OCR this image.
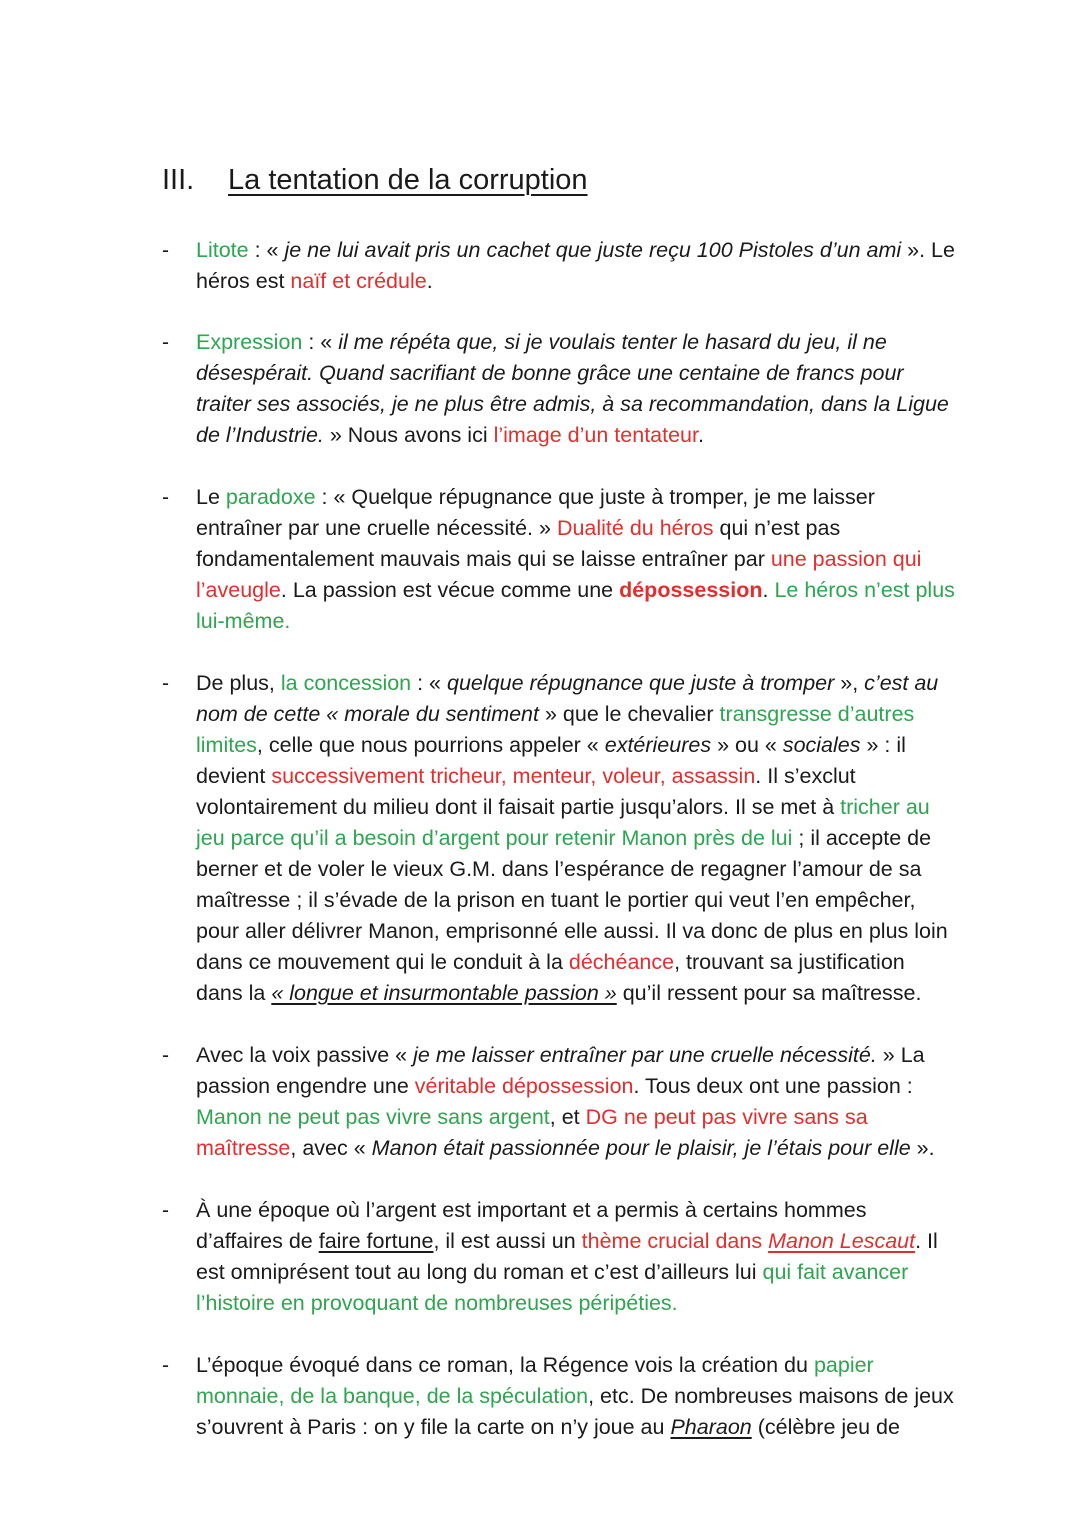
III. La tentation de la corruption
-	Litote : « je ne lui avait pris un cachet que juste reçu 100 Pistoles d’un ami ». Le
héros est naïf et crédule.
-	Expression : « il me répéta que, si je voulais tenter le hasard du jeu, il ne
désespérait. Quand sacrifiant de bonne grâce une centaine de francs pour
traiter ses associés, je ne plus être admis, à sa recommandation, dans la Ligue
de l’Industrie. » Nous avons ici l’image d’un tentateur.
-	Le paradoxe : « Quelque répugnance que juste à tromper, je me laisser
entraîner par une cruelle nécessité. » Dualité du héros qui n’est pas
fondamentalement mauvais mais qui se laisse entraîner par une passion qui
l’aveugle. La passion est vécue comme une dépossession. Le héros n’est plus
lui-même.
-	De plus, la concession : « quelque répugnance que juste à tromper », c’est au
nom de cette « morale du sentiment » que le chevalier transgresse d’autres
limites, celle que nous pourrions appeler « extérieures » ou « sociales » : il
devient successivement tricheur, menteur, voleur, assassin. Il s’exclut
volontairement du milieu dont il faisait partie jusqu’alors. Il se met à tricher au
jeu parce qu’il a besoin d’argent pour retenir Manon près de lui ; il accepte de
berner et de voler le vieux G.M. dans l’espérance de regagner l’amour de sa
maîtresse ; il s’évade de la prison en tuant le portier qui veut l’en empêcher,
pour aller délivrer Manon, emprisonné elle aussi. Il va donc de plus en plus loin
dans ce mouvement qui le conduit à la déchéance, trouvant sa justification
dans la « longue et insurmontable passion » qu’il ressent pour sa maîtresse.
-	Avec la voix passive « je me laisser entraîner par une cruelle nécessité. » La
passion engendre une véritable dépossession. Tous deux ont une passion :
Manon ne peut pas vivre sans argent, et DG ne peut pas vivre sans sa
maîtresse, avec « Manon était passionnée pour le plaisir, je l’étais pour elle ».
-	À une époque où l’argent est important et a permis à certains hommes
d’affaires de faire fortune, il est aussi un thème crucial dans Manon Lescaut. Il
est omniprésent tout au long du roman et c’est d’ailleurs lui qui fait avancer
l’histoire en provoquant de nombreuses péripéties.
-	L’époque évoqué dans ce roman, la Régence vois la création du papier
monnaie, de la banque, de la spéculation, etc. De nombreuses maisons de jeux
s’ouvrent à Paris : on y file la carte on n’y joue au Pharaon (célèbre jeu de
